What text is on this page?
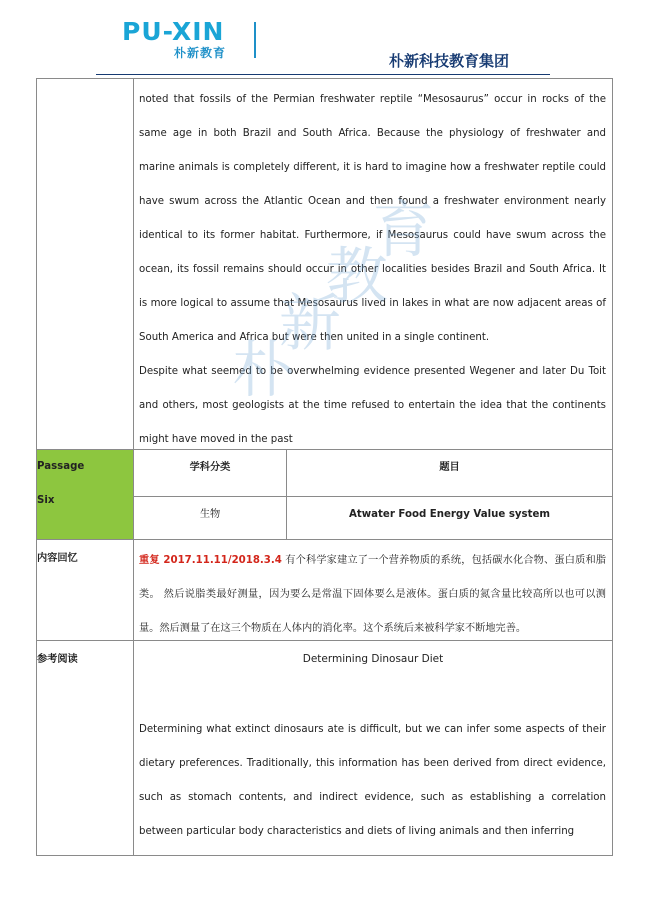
PU-XIN
朴新教育	朴新科技教育集团
朴新教育

	noted that fossils of the Permian freshwater reptile “Mesosaurus” occur in rocks of the same age in both Brazil and South Africa. Because the physiology of freshwater and marine animals is completely different, it is hard to imagine how a freshwater reptile could have swum across the Atlantic Ocean and then found a freshwater environment nearly identical to its former habitat. Furthermore, if Mesosaurus could have swum across the ocean, its fossil remains should occur in other localities besides Brazil and South Africa. It is more logical to assume that Mesosaurus lived in lakes in what are now adjacent areas of South America and Africa but were then united in a single continent.

Despite what seemed to be overwhelming evidence presented Wegener and later Du Toit and others, most geologists at the time refused to entertain the idea that the continents might have moved in the past	

Passage
Six	学科分类	题目
	生物	Atwater Food Energy Value system
内容回忆	重复 2017.11.11/2018.3.4 有个科学家建立了一个营养物质的系统，包括碳水化合物、蛋白质和脂类。 然后说脂类最好测量，因为要么是常温下固体要么是液体。蛋白质的氮含量比较高所以也可以测量。然后测量了在这三个物质在人体内的消化率。这个系统后来被科学家不断地完善。	

参考阅读	Determining Dinosaur Diet

Determining what extinct dinosaurs ate is difficult, but we can infer some aspects of their dietary preferences. Traditionally, this information has been derived from direct evidence, such as stomach contents, and indirect evidence, such as establishing a correlation between particular body characteristics and diets of living animals and then inferring	
